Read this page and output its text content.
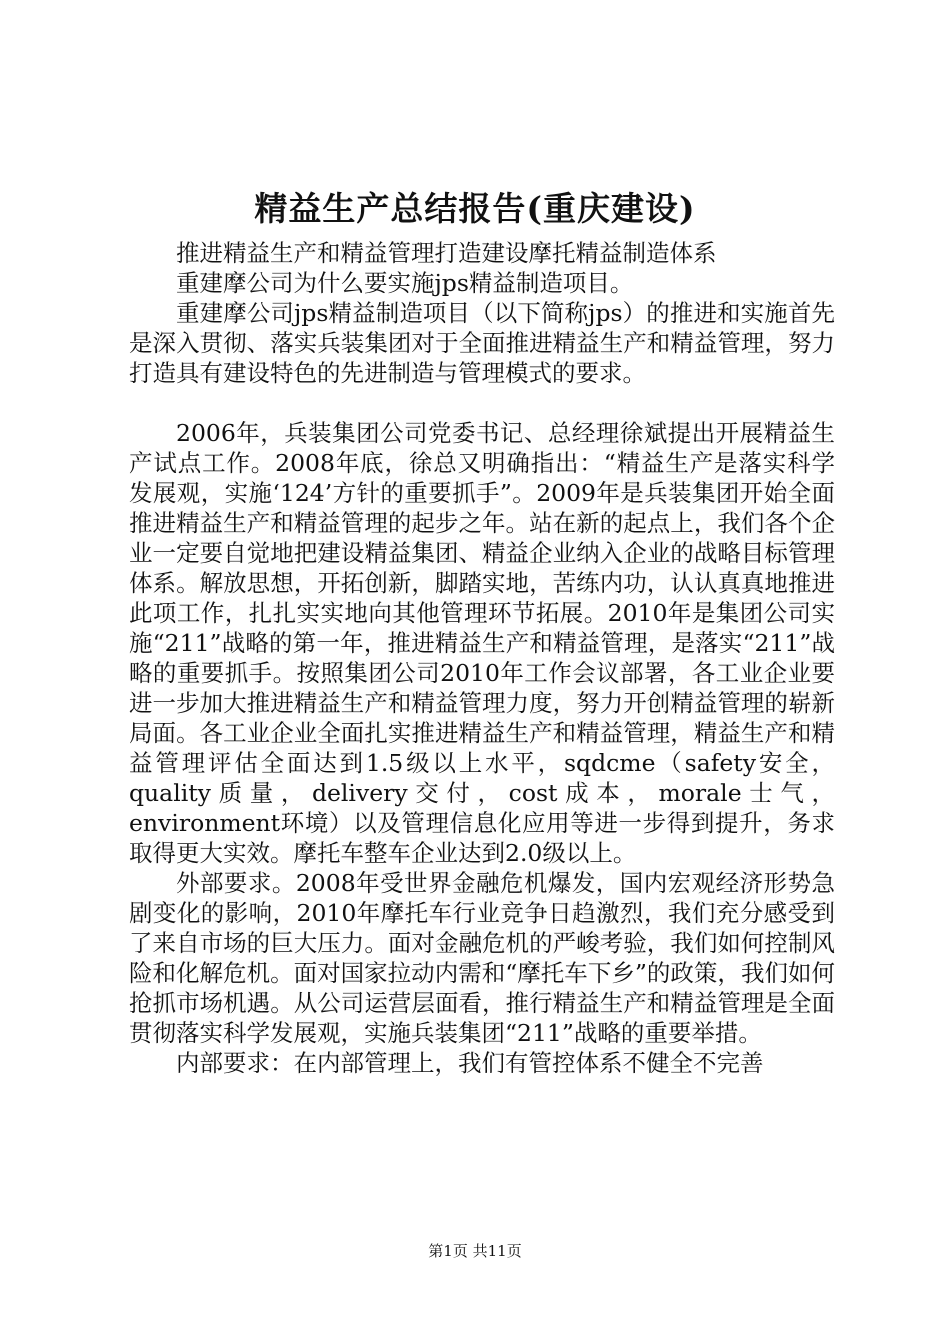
精益生产总结报告(重庆建设)

推进精益生产和精益管理打造建设摩托精益制造体系

重建摩公司为什么要实施jps精益制造项目。

重建摩公司jps精益制造项目（以下简称jps）的推进和实施首先是深入贯彻、落实兵装集团对于全面推进精益生产和精益管理，努力打造具有建设特色的先进制造与管理模式的要求。

2006年，兵装集团公司党委书记、总经理徐斌提出开展精益生产试点工作。2008年底，徐总又明确指出：“精益生产是落实科学发展观，实施‘124’方针的重要抓手”。2009年是兵装集团开始全面推进精益生产和精益管理的起步之年。站在新的起点上，我们各个企业一定要自觉地把建设精益集团、精益企业纳入企业的战略目标管理体系。解放思想，开拓创新，脚踏实地，苦练内功，认认真真地推进此项工作，扎扎实实地向其他管理环节拓展。2010年是集团公司实施“211”战略的第一年，推进精益生产和精益管理，是落实“211”战略的重要抓手。按照集团公司2010年工作会议部署，各工业企业要进一步加大推进精益生产和精益管理力度，努力开创精益管理的崭新局面。各工业企业全面扎实推进精益生产和精益管理，精益生产和精益管理评估全面达到1.5级以上水平，sqdcme（safety安全，quality质量，delivery交付，cost成本，morale士气，environment环境）以及管理信息化应用等进一步得到提升，务求取得更大实效。摩托车整车企业达到2.0级以上。

外部要求。2008年受世界金融危机爆发，国内宏观经济形势急剧变化的影响，2010年摩托车行业竞争日趋激烈，我们充分感受到了来自市场的巨大压力。面对金融危机的严峻考验，我们如何控制风险和化解危机。面对国家拉动内需和“摩托车下乡”的政策，我们如何抢抓市场机遇。从公司运营层面看，推行精益生产和精益管理是全面贯彻落实科学发展观，实施兵装集团“211”战略的重要举措。

内部要求：在内部管理上，我们有管控体系不健全不完善

第1页 共11页
